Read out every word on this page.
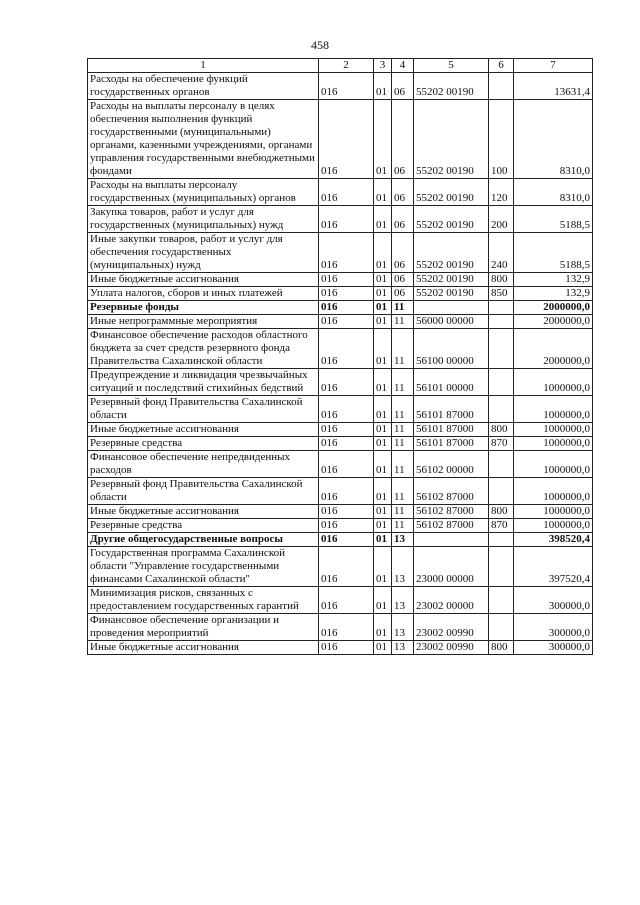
458
1	2	3	4	5	6	7
Расходы на обеспечение функций государственных органов	016	01	06	55202 00190		13631,4
Расходы на выплаты персоналу в целях обеспечения выполнения функций государственными (муниципальными) органами, казенными учреждениями, органами управления государственными внебюджетными фондами	016	01	06	55202 00190	100	8310,0
Расходы на выплаты персоналу государственных (муниципальных) органов	016	01	06	55202 00190	120	8310,0
Закупка товаров, работ и услуг для государственных (муниципальных) нужд	016	01	06	55202 00190	200	5188,5
Иные закупки товаров, работ и услуг для обеспечения государственных (муниципальных) нужд	016	01	06	55202 00190	240	5188,5
Иные бюджетные ассигнования	016	01	06	55202 00190	800	132,9
Уплата налогов, сборов и иных платежей	016	01	06	55202 00190	850	132,9
Резервные фонды	016	01	11			2000000,0
Иные непрограммные мероприятия	016	01	11	56000 00000		2000000,0
Финансовое обеспечение расходов областного бюджета за счет средств резервного фонда Правительства Сахалинской области	016	01	11	56100 00000		2000000,0
Предупреждение и ликвидация чрезвычайных ситуаций и последствий стихийных бедствий	016	01	11	56101 00000		1000000,0
Резервный фонд Правительства Сахалинской области	016	01	11	56101 87000		1000000,0
Иные бюджетные ассигнования	016	01	11	56101 87000	800	1000000,0
Резервные средства	016	01	11	56101 87000	870	1000000,0
Финансовое обеспечение непредвиденных расходов	016	01	11	56102 00000		1000000,0
Резервный фонд Правительства Сахалинской области	016	01	11	56102 87000		1000000,0
Иные бюджетные ассигнования	016	01	11	56102 87000	800	1000000,0
Резервные средства	016	01	11	56102 87000	870	1000000,0
Другие общегосударственные вопросы	016	01	13			398520,4
Государственная программа Сахалинской области "Управление государственными финансами Сахалинской области"	016	01	13	23000 00000		397520,4
Минимизация рисков, связанных с предоставлением государственных гарантий	016	01	13	23002 00000		300000,0
Финансовое обеспечение организации и проведения мероприятий	016	01	13	23002 00990		300000,0
Иные бюджетные ассигнования	016	01	13	23002 00990	800	300000,0
